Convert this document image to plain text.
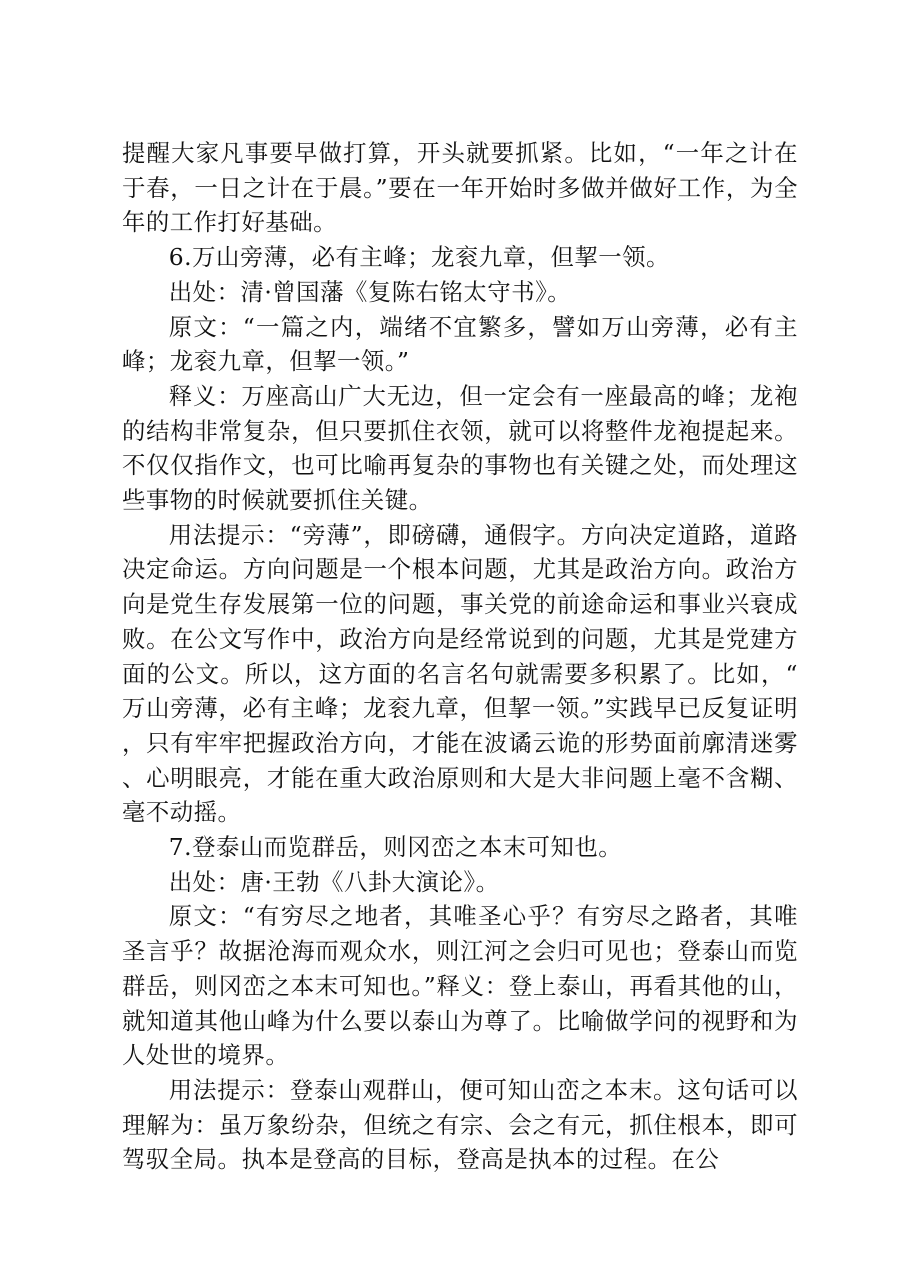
提醒大家凡事要早做打算，开头就要抓紧。比如，“一年之计在于春，一日之计在于晨。”要在一年开始时多做并做好工作，为全年的工作打好基础。

6.万山旁薄，必有主峰；龙衮九章，但挈一领。

出处：清·曾国藩《复陈右铭太守书》。

原文：“一篇之内，端绪不宜繁多，譬如万山旁薄，必有主峰；龙衮九章，但挈一领。”

释义：万座高山广大无边，但一定会有一座最高的峰；龙袍的结构非常复杂，但只要抓住衣领，就可以将整件龙袍提起来。不仅仅指作文，也可比喻再复杂的事物也有关键之处，而处理这些事物的时候就要抓住关键。

用法提示：“旁薄”，即磅礴，通假字。方向决定道路，道路决定命运。方向问题是一个根本问题，尤其是政治方向。政治方向是党生存发展第一位的问题，事关党的前途命运和事业兴衰成败。在公文写作中，政治方向是经常说到的问题，尤其是党建方面的公文。所以，这方面的名言名句就需要多积累了。比如，“万山旁薄，必有主峰；龙衮九章，但挈一领。”实践早已反复证明，只有牢牢把握政治方向，才能在波谲云诡的形势面前廓清迷雾、心明眼亮，才能在重大政治原则和大是大非问题上毫不含糊、毫不动摇。

7.登泰山而览群岳，则冈峦之本末可知也。

出处：唐·王勃《八卦大演论》。

原文：“有穷尽之地者，其唯圣心乎？有穷尽之路者，其唯圣言乎？故据沧海而观众水，则江河之会归可见也；登泰山而览群岳，则冈峦之本末可知也。”释义：登上泰山，再看其他的山，就知道其他山峰为什么要以泰山为尊了。比喻做学问的视野和为人处世的境界。

用法提示：登泰山观群山，便可知山峦之本末。这句话可以理解为：虽万象纷杂，但统之有宗、会之有元，抓住根本，即可驾驭全局。执本是登高的目标，登高是执本的过程。在公
